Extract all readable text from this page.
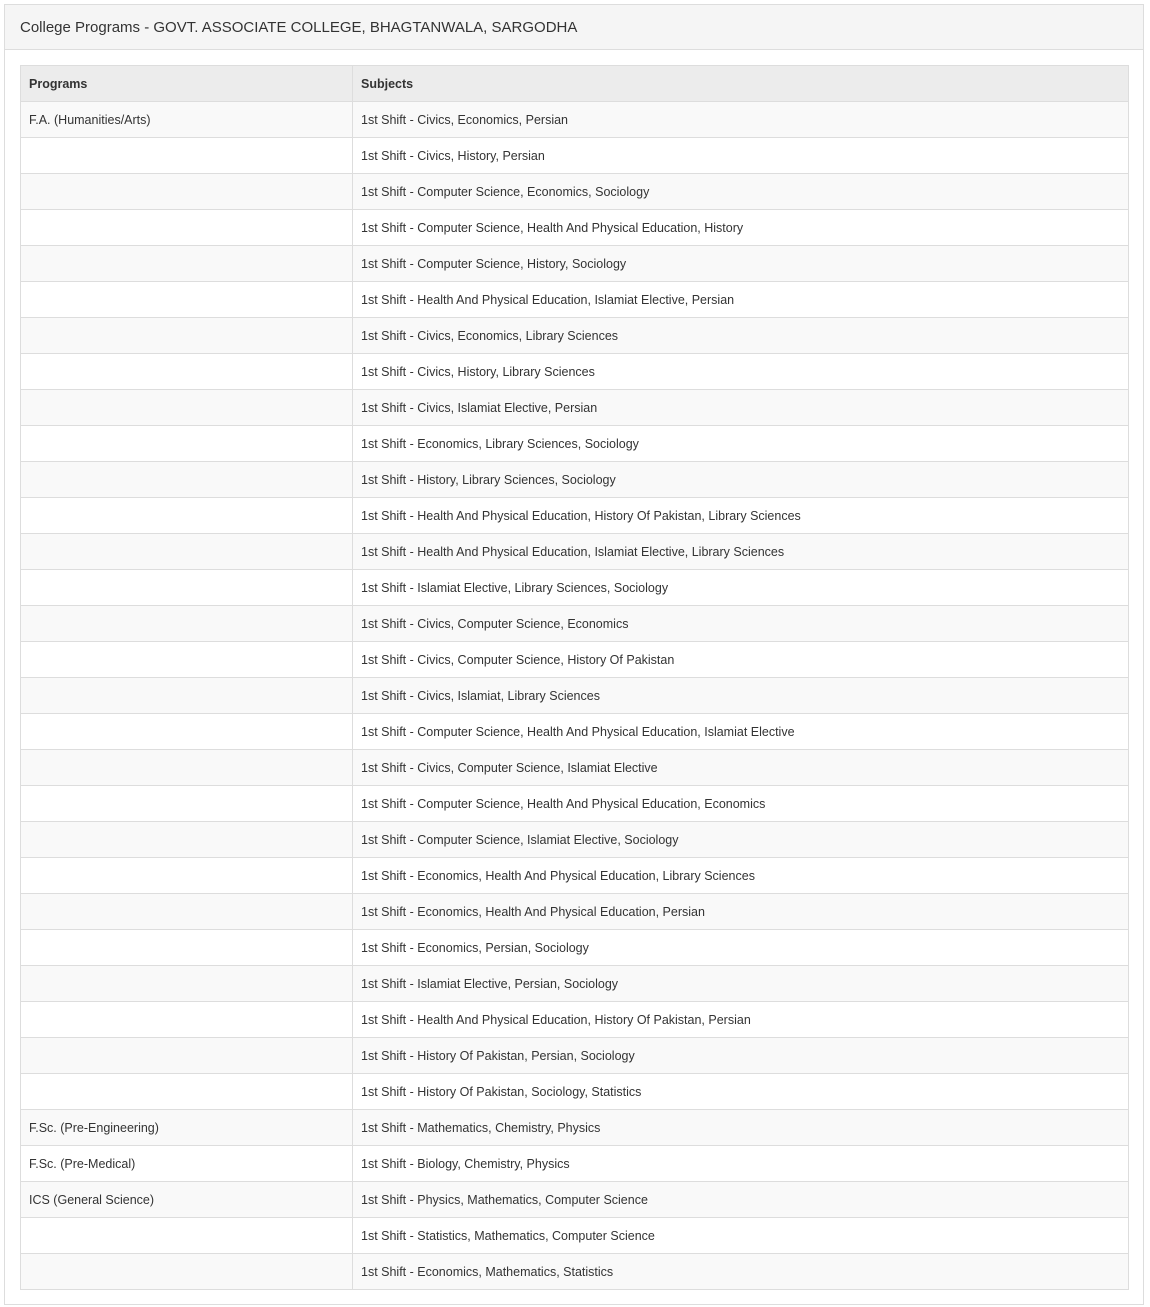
College Programs - GOVT. ASSOCIATE COLLEGE, BHAGTANWALA, SARGODHA
Programs	Subjects
F.A. (Humanities/Arts)	1st Shift - Civics, Economics, Persian
	1st Shift - Civics, History, Persian
	1st Shift - Computer Science, Economics, Sociology
	1st Shift - Computer Science, Health And Physical Education, History
	1st Shift - Computer Science, History, Sociology
	1st Shift - Health And Physical Education, Islamiat Elective, Persian
	1st Shift - Civics, Economics, Library Sciences
	1st Shift - Civics, History, Library Sciences
	1st Shift - Civics, Islamiat Elective, Persian
	1st Shift - Economics, Library Sciences, Sociology
	1st Shift - History, Library Sciences, Sociology
	1st Shift - Health And Physical Education, History Of Pakistan, Library Sciences
	1st Shift - Health And Physical Education, Islamiat Elective, Library Sciences
	1st Shift - Islamiat Elective, Library Sciences, Sociology
	1st Shift - Civics, Computer Science, Economics
	1st Shift - Civics, Computer Science, History Of Pakistan
	1st Shift - Civics, Islamiat, Library Sciences
	1st Shift - Computer Science, Health And Physical Education, Islamiat Elective
	1st Shift - Civics, Computer Science, Islamiat Elective
	1st Shift - Computer Science, Health And Physical Education, Economics
	1st Shift - Computer Science, Islamiat Elective, Sociology
	1st Shift - Economics, Health And Physical Education, Library Sciences
	1st Shift - Economics, Health And Physical Education, Persian
	1st Shift - Economics, Persian, Sociology
	1st Shift - Islamiat Elective, Persian, Sociology
	1st Shift - Health And Physical Education, History Of Pakistan, Persian
	1st Shift - History Of Pakistan, Persian, Sociology
	1st Shift - History Of Pakistan, Sociology, Statistics
F.Sc. (Pre-Engineering)	1st Shift - Mathematics, Chemistry, Physics
F.Sc. (Pre-Medical)	1st Shift - Biology, Chemistry, Physics
ICS (General Science)	1st Shift - Physics, Mathematics, Computer Science
	1st Shift - Statistics, Mathematics, Computer Science
	1st Shift - Economics, Mathematics, Statistics
